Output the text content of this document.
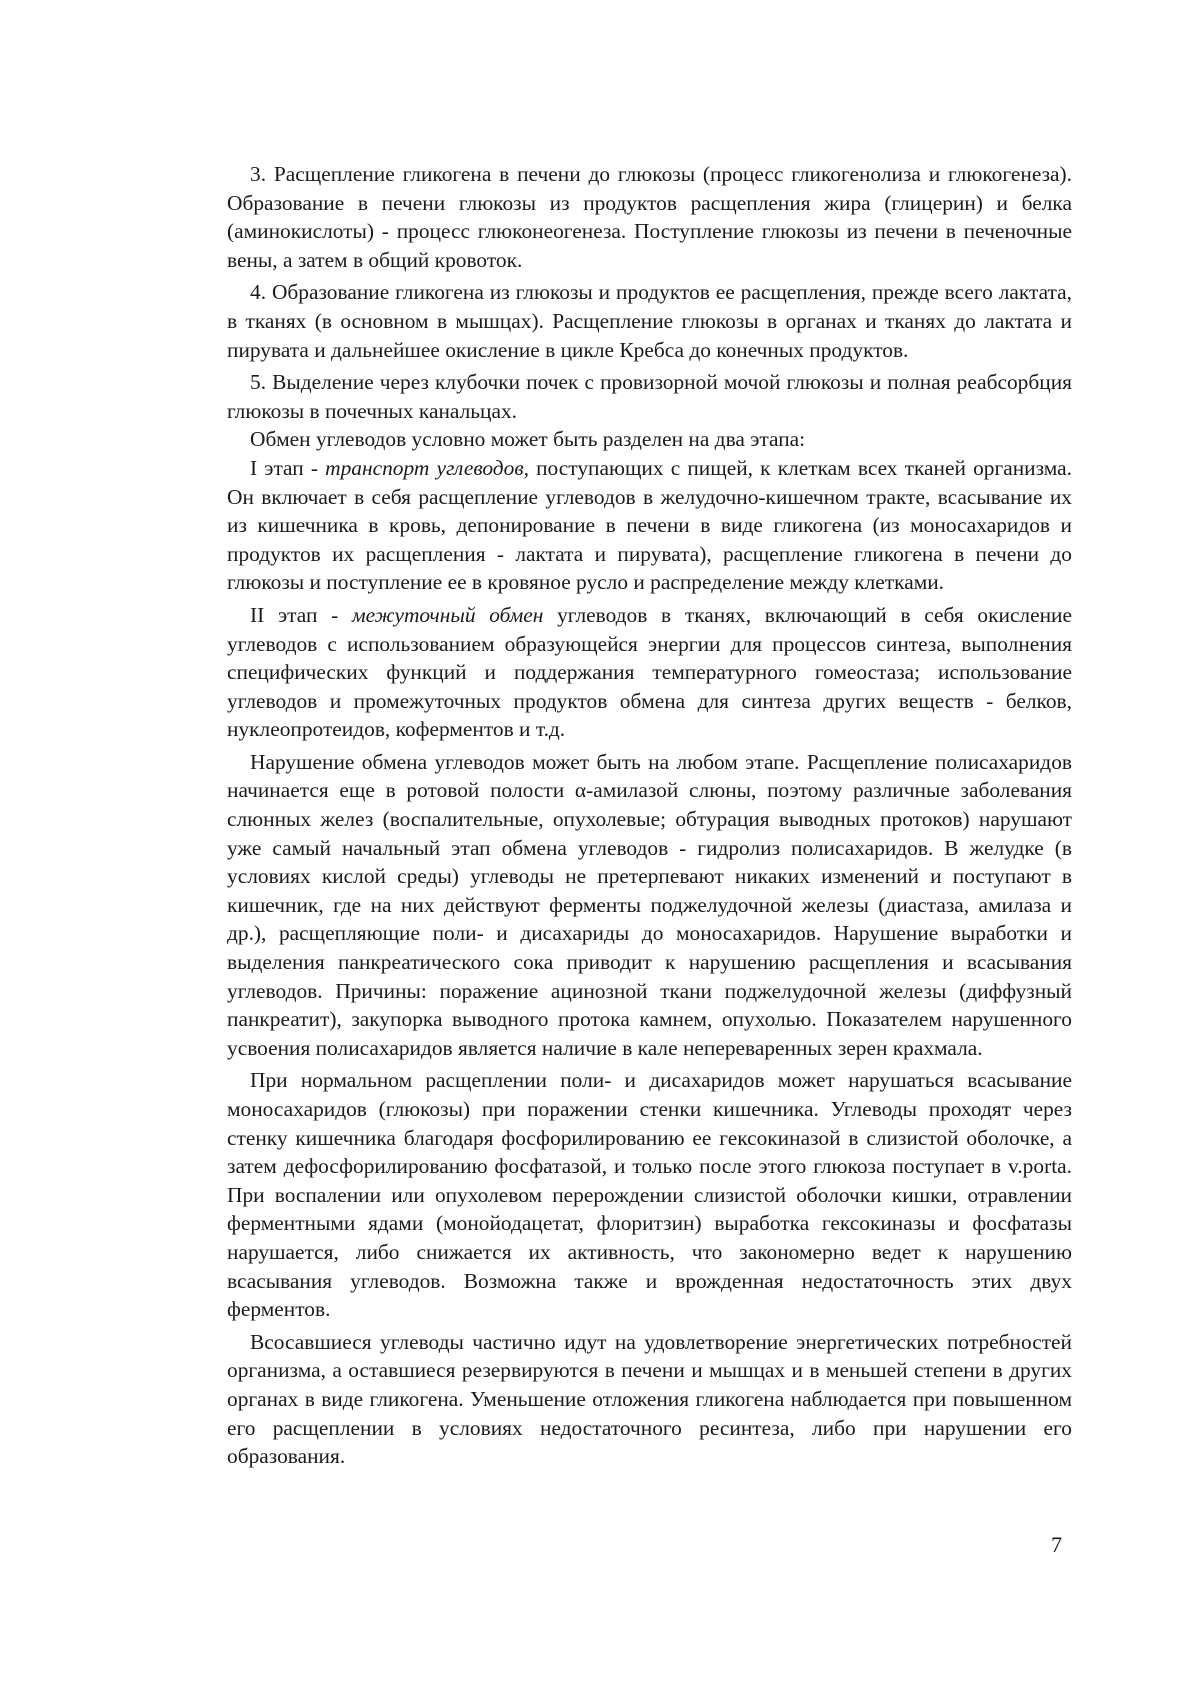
3. Расщепление гликогена в печени до глюкозы (процесс гликогенолиза и глюкогенеза). Образование в печени глюкозы из продуктов расщепления жира (глицерин) и белка (аминокислоты) - процесс глюконеогенеза. Поступление глюкозы из печени в печеночные вены, а затем в общий кровоток.

4. Образование гликогена из глюкозы и продуктов ее расщепления, прежде всего лактата, в тканях (в основном в мышцах). Расщепление глюкозы в органах и тканях до лактата и пирувата и дальнейшее окисление в цикле Кребса до конечных продуктов.

5. Выделение через клубочки почек с провизорной мочой глюкозы и полная реабсорбция глюкозы в почечных канальцах.

Обмен углеводов условно может быть разделен на два этапа:

I этап - транспорт углеводов, поступающих с пищей, к клеткам всех тканей организма. Он включает в себя расщепление углеводов в желудочно-кишечном тракте, всасывание их из кишечника в кровь, депонирование в печени в виде гликогена (из моносахаридов и продуктов их расщепления - лактата и пирувата), расщепление гликогена в печени до глюкозы и поступление ее в кровяное русло и распределение между клетками.

II этап - межуточный обмен углеводов в тканях, включающий в себя окисление углеводов с использованием образующейся энергии для процессов синтеза, выполнения специфических функций и поддержания температурного гомеостаза; использование углеводов и промежуточных продуктов обмена для синтеза других веществ - белков, нуклеопротеидов, коферментов и т.д.

Нарушение обмена углеводов может быть на любом этапе. Расщепление полисахаридов начинается еще в ротовой полости α-амилазой слюны, поэтому различные заболевания слюнных желез (воспалительные, опухолевые; обтурация выводных протоков) нарушают уже самый начальный этап обмена углеводов - гидролиз полисахаридов. В желудке (в условиях кислой среды) углеводы не претерпевают никаких изменений и поступают в кишечник, где на них действуют ферменты поджелудочной железы (диастаза, амилаза и др.), расщепляющие поли- и дисахариды до моносахаридов. Нарушение выработки и выделения панкреатического сока приводит к нарушению расщепления и всасывания углеводов. Причины: поражение ацинозной ткани поджелудочной железы (диффузный панкреатит), закупорка выводного протока камнем, опухолью. Показателем нарушенного усвоения полисахаридов является наличие в кале непереваренных зерен крахмала.

При нормальном расщеплении поли- и дисахаридов может нарушаться всасывание моносахаридов (глюкозы) при поражении стенки кишечника. Углеводы проходят через стенку кишечника благодаря фосфорилированию ее гексокиназой в слизистой оболочке, а затем дефосфорилированию фосфатазой, и только после этого глюкоза поступает в v.porta. При воспалении или опухолевом перерождении слизистой оболочки кишки, отравлении ферментными ядами (монойодацетат, флоритзин) выработка гексокиназы и фосфатазы нарушается, либо снижается их активность, что закономерно ведет к нарушению всасывания углеводов. Возможна также и врожденная недостаточность этих двух ферментов.

Всосавшиеся углеводы частично идут на удовлетворение энергетических потребностей организма, а оставшиеся резервируются в печени и мышцах и в меньшей степени в других органах в виде гликогена. Уменьшение отложения гликогена наблюдается при повышенном его расщеплении в условиях недостаточного ресинтеза, либо при нарушении его образования.

7
